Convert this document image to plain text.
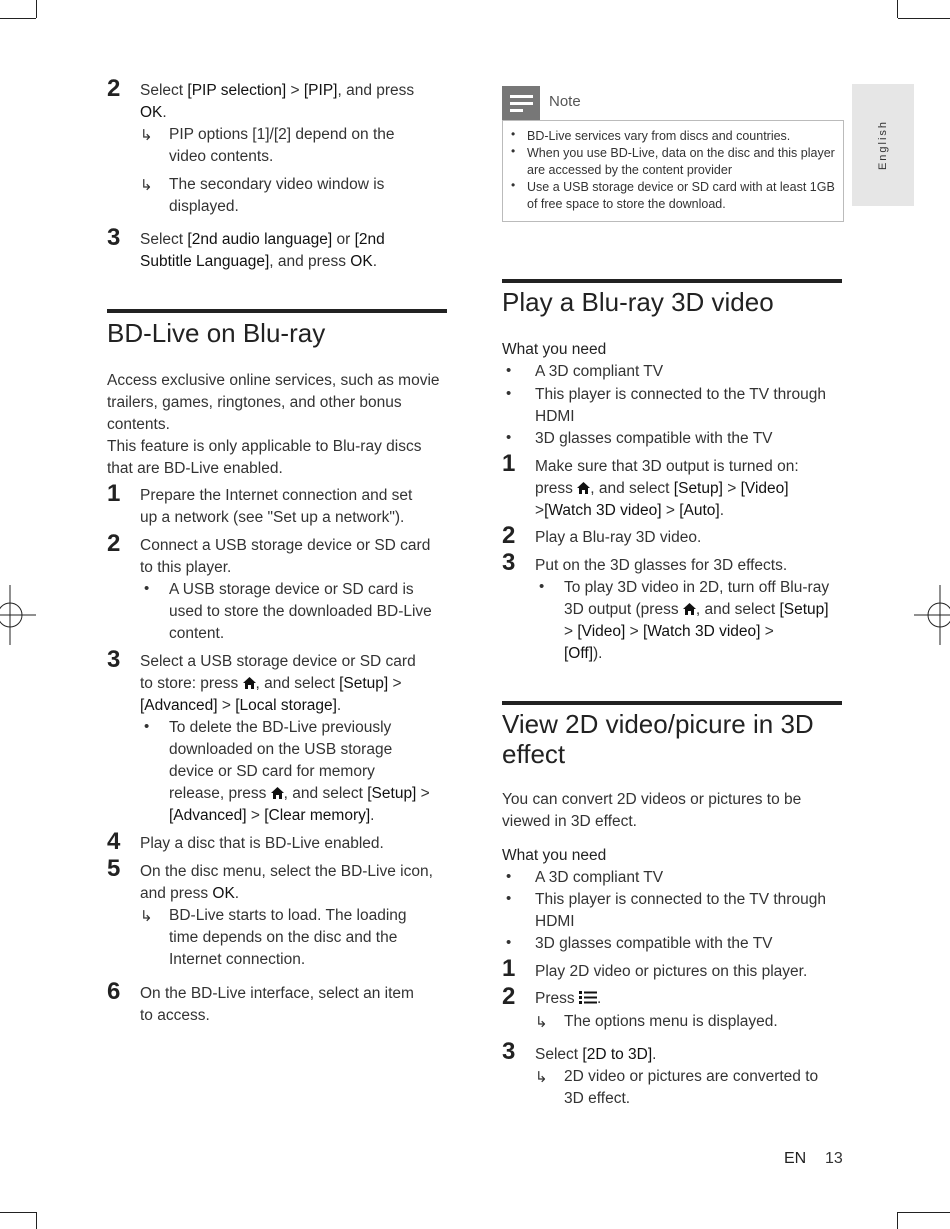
English
2 Select [PIP selection] > [PIP], and press
OK.
↳ PIP options [1]/[2] depend on the
video contents.
↳ The secondary video window is
displayed.
3 Select [2nd audio language] or [2nd
Subtitle Language], and press OK.
BD-Live on Blu-ray
Access exclusive online services, such as movie
trailers, games, ringtones, and other bonus
contents.
This feature is only applicable to Blu-ray discs
that are BD-Live enabled.
1 Prepare the Internet connection and set
up a network (see "Set up a network").
2 Connect a USB storage device or SD card
to this player.
• A USB storage device or SD card is
used to store the downloaded BD-Live
content.
3 Select a USB storage device or SD card
to store: press , and select [Setup] >
[Advanced] > [Local storage].
• To delete the BD-Live previously
downloaded on the USB storage
device or SD card for memory
release, press , and select [Setup] >
[Advanced] > [Clear memory].
4 Play a disc that is BD-Live enabled.
5 On the disc menu, select the BD-Live icon,
and press OK.
↳ BD-Live starts to load. The loading
time depends on the disc and the
Internet connection.
6 On the BD-Live interface, select an item
to access.
Note
• BD-Live services vary from discs and countries.
• When you use BD-Live, data on the disc and this player
are accessed by the content provider
• Use a USB storage device or SD card with at least 1GB
of free space to store the download.
Play a Blu-ray 3D video
What you need
• A 3D compliant TV
• This player is connected to the TV through
HDMI
• 3D glasses compatible with the TV
1 Make sure that 3D output is turned on:
press , and select [Setup] > [Video]
>[Watch 3D video] > [Auto].
2 Play a Blu-ray 3D video.
3 Put on the 3D glasses for 3D effects.
• To play 3D video in 2D, turn off Blu-ray
3D output (press , and select [Setup]
> [Video] > [Watch 3D video] >
[Off]).
View 2D video/picure in 3D
effect
You can convert 2D videos or pictures to be
viewed in 3D effect.
What you need
• A 3D compliant TV
• This player is connected to the TV through
HDMI
• 3D glasses compatible with the TV
1 Play 2D video or pictures on this player.
2 Press .
↳ The options menu is displayed.
3 Select [2D to 3D].
↳ 2D video or pictures are converted to
3D effect.
EN 13
